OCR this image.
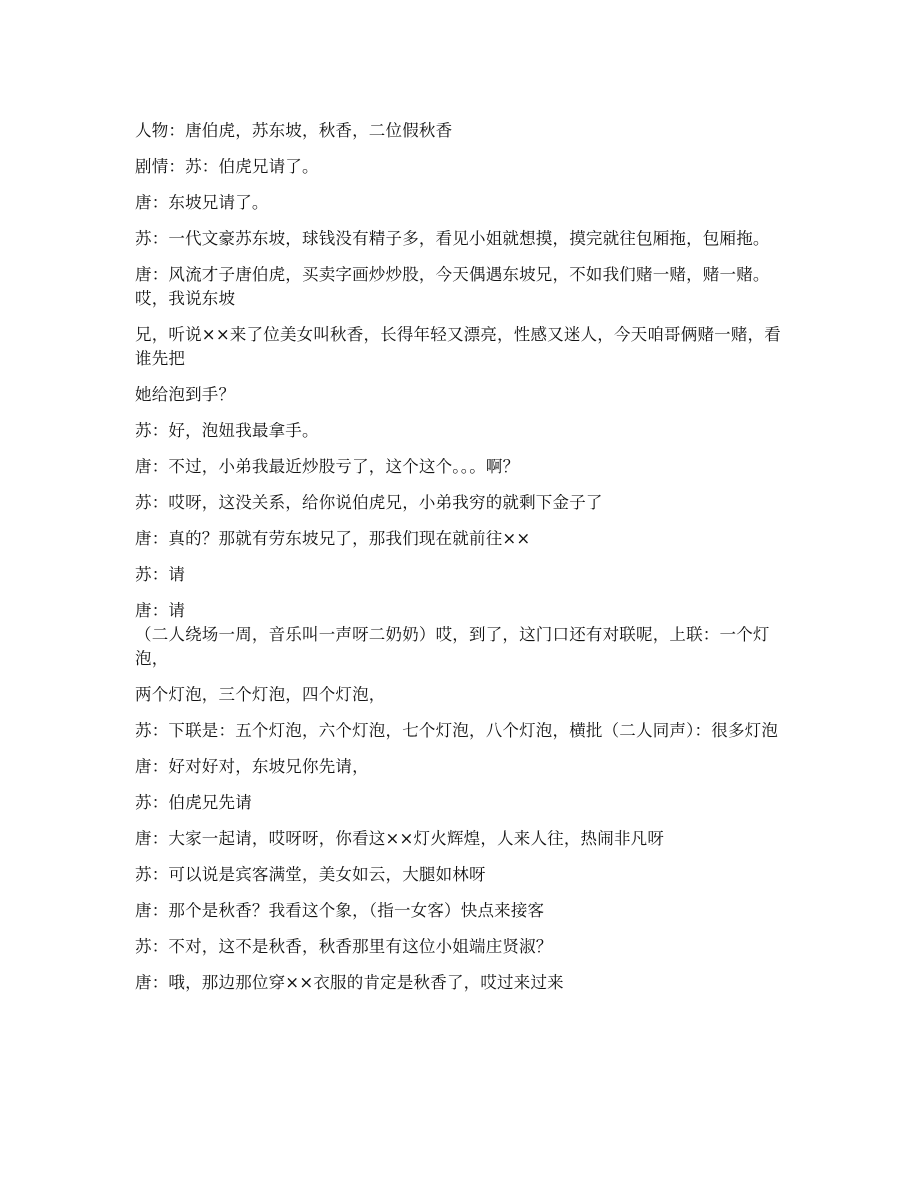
人物：唐伯虎，苏东坡，秋香，二位假秋香

剧情：苏：伯虎兄请了。

唐：东坡兄请了。

苏：一代文豪苏东坡，球钱没有精子多，看见小姐就想摸，摸完就往包厢拖，包厢拖。

唐：风流才子唐伯虎，买卖字画炒炒股，今天偶遇东坡兄，不如我们赌一赌，赌一赌。哎，我说东坡

兄，听说××来了位美女叫秋香，长得年轻又漂亮，性感又迷人，今天咱哥俩赌一赌，看谁先把

她给泡到手？

苏：好，泡妞我最拿手。

唐：不过，小弟我最近炒股亏了，这个这个。。。啊？

苏：哎呀，这没关系，给你说伯虎兄，小弟我穷的就剩下金子了

唐：真的？那就有劳东坡兄了，那我们现在就前往××

苏：请

唐：请

（二人绕场一周，音乐叫一声呀二奶奶）哎，到了，这门口还有对联呢，上联：一个灯泡，

两个灯泡，三个灯泡，四个灯泡，

苏：下联是：五个灯泡，六个灯泡，七个灯泡，八个灯泡，横批（二人同声）：很多灯泡

唐：好对好对，东坡兄你先请，

苏：伯虎兄先请

唐：大家一起请，哎呀呀，你看这××灯火辉煌，人来人往，热闹非凡呀

苏：可以说是宾客满堂，美女如云，大腿如林呀

唐：那个是秋香？我看这个象，（指一女客）快点来接客

苏：不对，这不是秋香，秋香那里有这位小姐端庄贤淑？

唐：哦，那边那位穿××衣服的肯定是秋香了，哎过来过来
